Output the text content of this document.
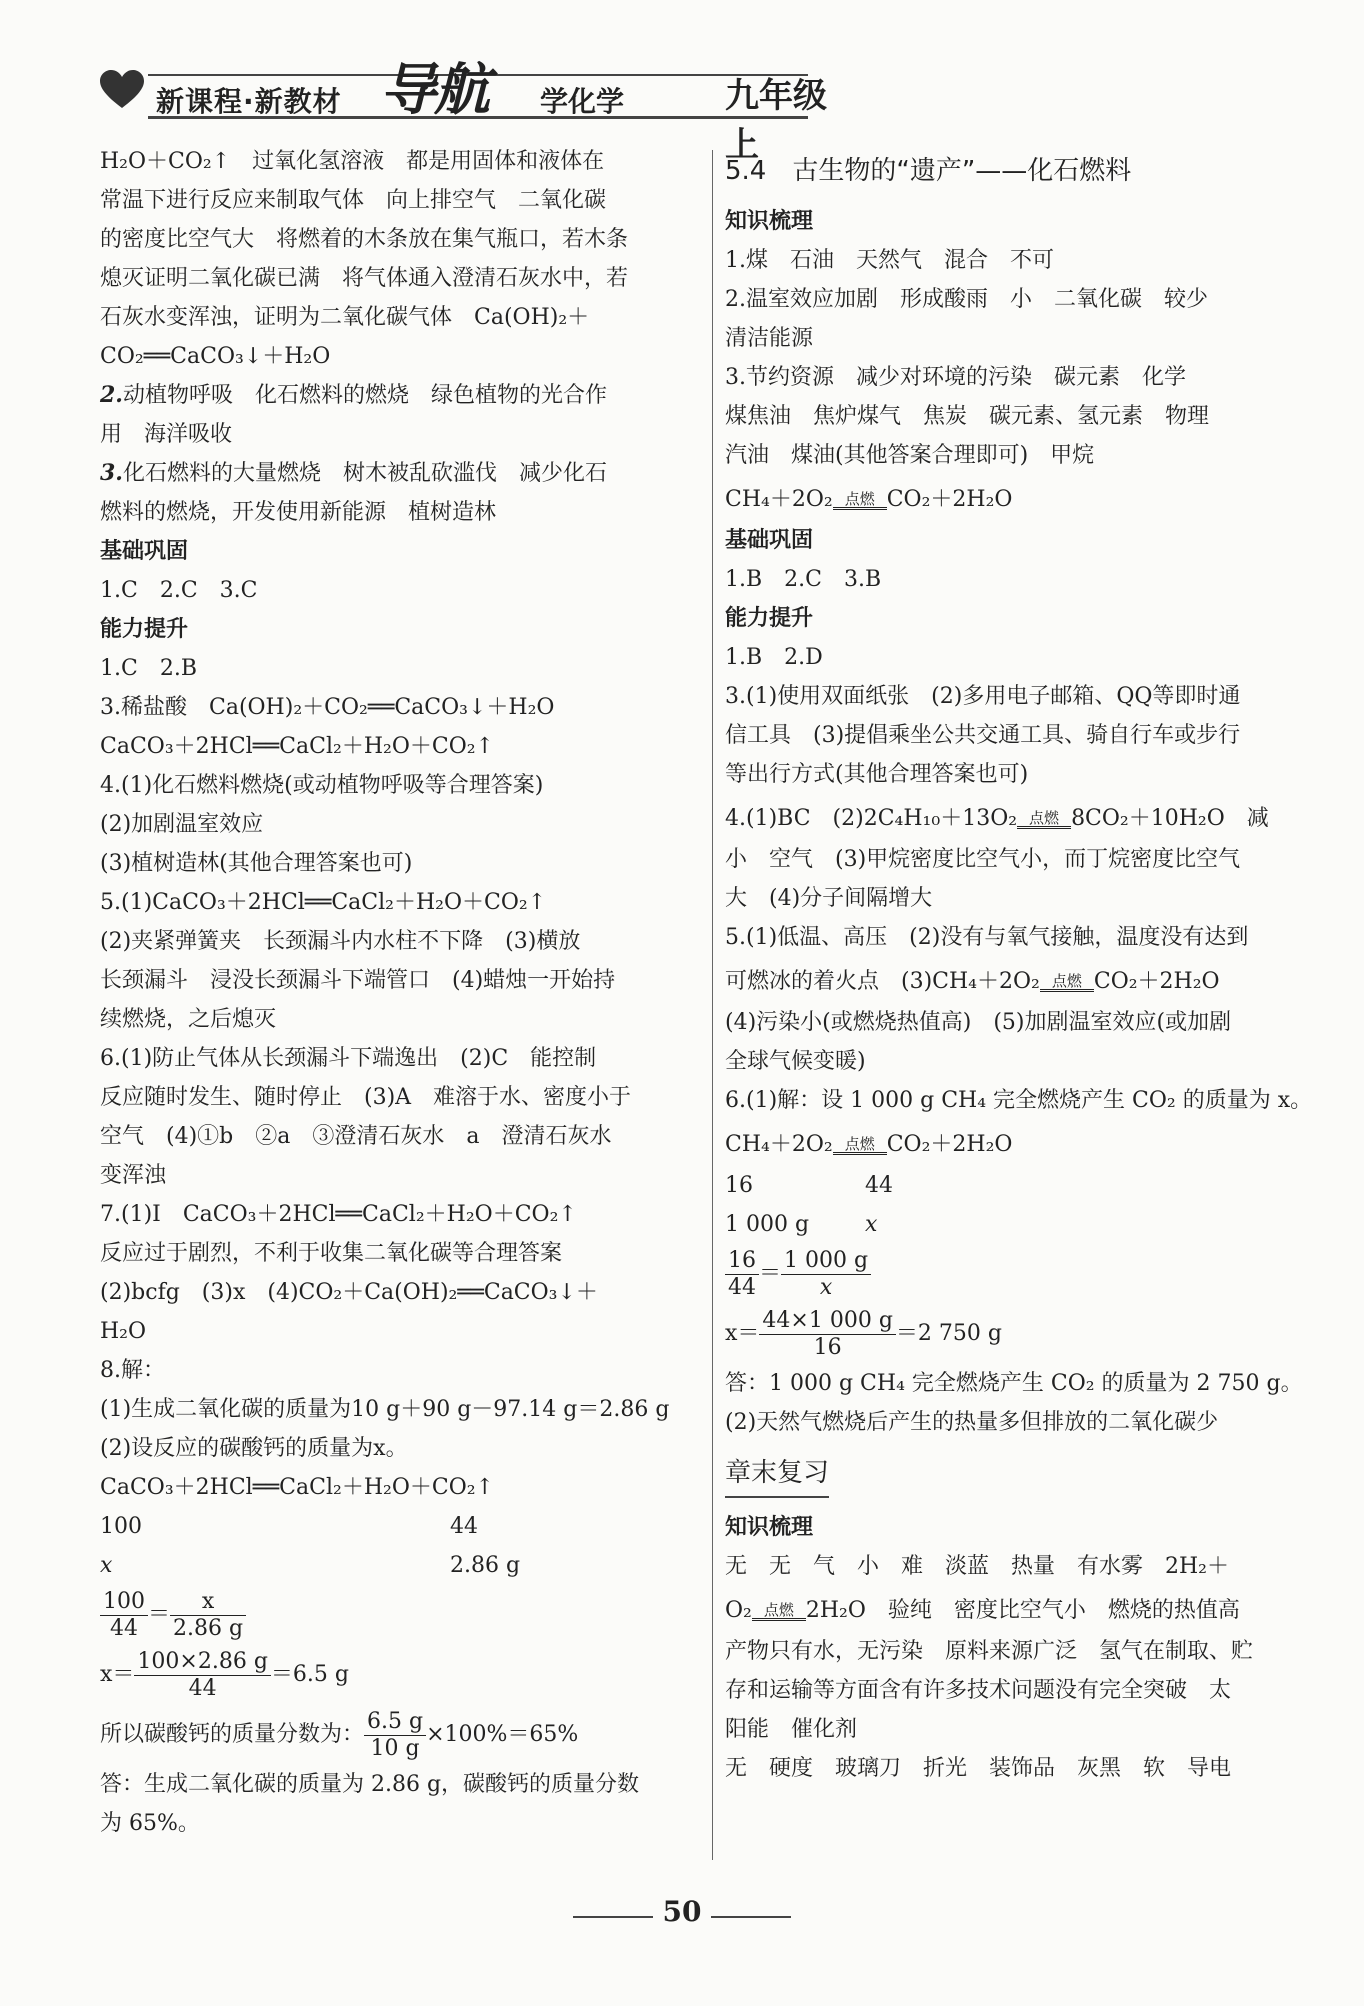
新课程·新教材 导航 学化学	九年级上
H₂O＋CO₂↑　过氧化氢溶液　都是用固体和液体在
常温下进行反应来制取气体　向上排空气　二氧化碳
的密度比空气大　将燃着的木条放在集气瓶口，若木条
熄灭证明二氧化碳已满　将气体通入澄清石灰水中，若
石灰水变浑浊，证明为二氧化碳气体　Ca(OH)₂＋
CO₂══CaCO₃↓＋H₂O
2.动植物呼吸　化石燃料的燃烧　绿色植物的光合作
用　海洋吸收
3.化石燃料的大量燃烧　树木被乱砍滥伐　减少化石
燃料的燃烧，开发使用新能源　植树造林
基础巩固
1.C　2.C　3.C
能力提升
1.C　2.B
3.稀盐酸　Ca(OH)₂＋CO₂══CaCO₃↓＋H₂O
CaCO₃＋2HCl══CaCl₂＋H₂O＋CO₂↑
4.(1)化石燃料燃烧(或动植物呼吸等合理答案)
(2)加剧温室效应
(3)植树造林(其他合理答案也可)
5.(1)CaCO₃＋2HCl══CaCl₂＋H₂O＋CO₂↑
(2)夹紧弹簧夹　长颈漏斗内水柱不下降　(3)横放
长颈漏斗　浸没长颈漏斗下端管口　(4)蜡烛一开始持
续燃烧，之后熄灭
6.(1)防止气体从长颈漏斗下端逸出　(2)C　能控制
反应随时发生、随时停止　(3)A　难溶于水、密度小于
空气　(4)①b　②a　③澄清石灰水　a　澄清石灰水
变浑浊
7.(1)Ⅰ　CaCO₃＋2HCl══CaCl₂＋H₂O＋CO₂↑
反应过于剧烈，不利于收集二氧化碳等合理答案
(2)bcfg　(3)x　(4)CO₂＋Ca(OH)₂══CaCO₃↓＋
H₂O
8.解：
(1)生成二氧化碳的质量为10 g＋90 g－97.14 g＝2.86 g
(2)设反应的碳酸钙的质量为x。
CaCO₃＋2HCl══CaCl₂＋H₂O＋CO₂↑
100	44
x	2.86 g
$\frac{100}{44} = \frac{x}{2.86 g}$
$x= \frac{100\times 2.86 g}{44} =6.5$ g
所以碳酸钙的质量分数为： $\frac{6.5 g}{10 g} \times 100\%=65\%$
答：生成二氧化碳的质量为 2.86 g，碳酸钙的质量分数
为 65%。
5.4　古生物的“遗产”——化石燃料
知识梳理
1.煤　石油　天然气　混合　不可
2.温室效应加剧　形成酸雨　小　二氧化碳　较少
清洁能源
3.节约资源　减少对环境的污染　碳元素　化学
煤焦油　焦炉煤气　焦炭　碳元素、氢元素　物理
汽油　煤油(其他答案合理即可)　甲烷
CH₄＋2O₂ 点燃 CO₂＋2H₂O
基础巩固
1.B　2.C　3.B
能力提升
1.B　2.D
3.(1)使用双面纸张　(2)多用电子邮箱、QQ等即时通
信工具　(3)提倡乘坐公共交通工具、骑自行车或步行
等出行方式(其他合理答案也可)
4.(1)BC　(2)2C₄H₁₀＋13O₂ 点燃 8CO₂＋10H₂O　减
小　空气　(3)甲烷密度比空气小，而丁烷密度比空气
大　(4)分子间隔增大
5.(1)低温、高压　(2)没有与氧气接触，温度没有达到
可燃冰的着火点　(3)CH₄＋2O₂ 点燃 CO₂＋2H₂O
(4)污染小(或燃烧热值高)　(5)加剧温室效应(或加剧
全球气候变暖)
6.(1)解：设 1 000 g CH₄ 完全燃烧产生 CO₂ 的质量为 x。
CH₄＋2O₂ 点燃 CO₂＋2H₂O
16	44
1 000 g	x
$\frac{16}{44} = \frac{1 000 g}{x}$
$x= \frac{44\times 1 000 g}{16} =2$ 750 g
答：1 000 g CH₄ 完全燃烧产生 CO₂ 的质量为 2 750 g。
(2)天然气燃烧后产生的热量多但排放的二氧化碳少
章末复习
知识梳理
无　无　气　小　难　淡蓝　热量　有水雾　2H₂＋
O₂ 点燃 2H₂O　验纯　密度比空气小　燃烧的热值高
产物只有水，无污染　原料来源广泛　氢气在制取、贮
存和运输等方面含有许多技术问题没有完全突破　太
阳能　催化剂
无　硬度　玻璃刀　折光　装饰品　灰黑　软　导电
50
